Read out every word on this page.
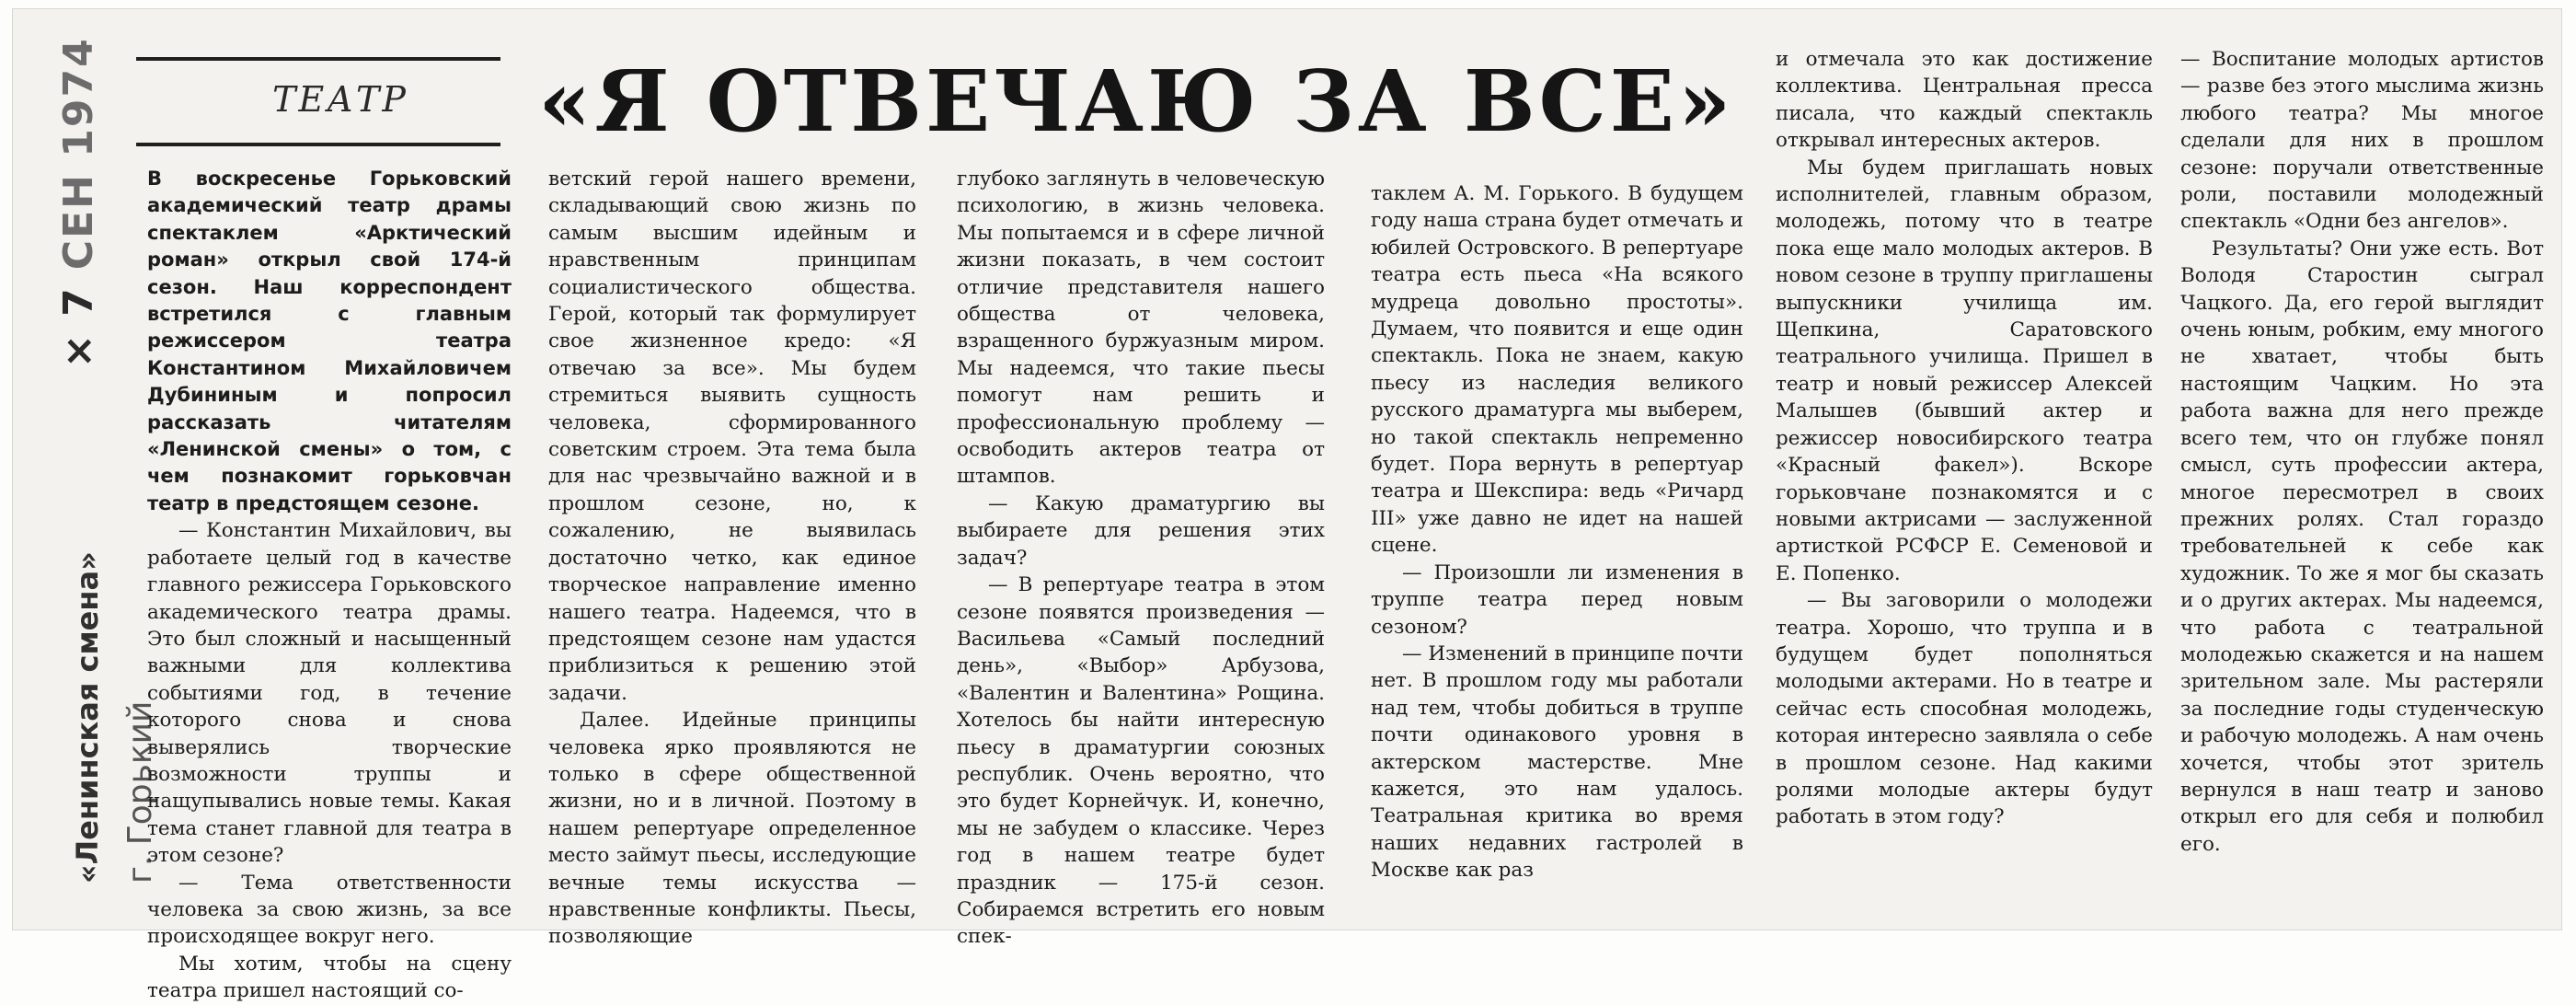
× 7СЕН 1974
«Ленинская смена» г. Горький
ТЕАТР	«Я ОТВЕЧАЮ ЗА ВСЕ»

В воскресенье Горьковский академический театр драмы спектаклем «Арктический роман» открыл свой 174-й сезон. Наш корреспондент встретился с главным режиссером театра Константином Михайловичем Дубининым и попросил рассказать читателям «Ленинской смены» о том, с чем познакомит горьковчан театр в предстоящем сезоне.

— Константин Михайлович, вы работаете целый год в качестве главного режиссера Горьковского академического театра драмы. Это был сложный и насыщенный важными для коллектива событиями год, в течение которого снова и снова выверялись творческие возможности труппы и нащупывались новые темы. Какая тема станет главной для театра в этом сезоне?

— Тема ответственности человека за свою жизнь, за все происходящее вокруг него.

Мы хотим, чтобы на сцену театра пришел настоящий со-

ветский герой нашего времени, складывающий свою жизнь по самым высшим идейным и нравственным принципам социалистического общества. Герой, который так формулирует свое жизненное кредо: «Я отвечаю за все». Мы будем стремиться выявить сущность человека, сформированного советским строем. Эта тема была для нас чрезвычайно важной и в прошлом сезоне, но, к сожалению, не выявилась достаточно четко, как единое творческое направление именно нашего театра. Надеемся, что в предстоящем сезоне нам удастся приблизиться к решению этой задачи.

Далее. Идейные принципы человека ярко проявляются не только в сфере общественной жизни, но и в личной. Поэтому в нашем репертуаре определенное место займут пьесы, исследующие вечные темы искусства — нравственные конфликты. Пьесы, позволяющие

глубоко заглянуть в человеческую психологию, в жизнь человека. Мы попытаемся и в сфере личной жизни показать, в чем состоит отличие представителя нашего общества от человека, взращенного буржуазным миром. Мы надеемся, что такие пьесы помогут нам решить и профессиональную проблему — освободить актеров театра от штампов.

— Какую драматургию вы выбираете для решения этих задач?

— В репертуаре театра в этом сезоне появятся произведения — Васильева «Самый последний день», «Выбор» Арбузова, «Валентин и Валентина» Рощина. Хотелось бы найти интересную пьесу в драматургии союзных республик. Очень вероятно, что это будет Корнейчук. И, конечно, мы не забудем о классике. Через год в нашем театре будет праздник — 175-й сезон. Собираемся встретить его новым спек-

таклем А. М. Горького. В будущем году наша страна будет отмечать и юбилей Островского. В репертуаре театра есть пьеса «На всякого мудреца довольно простоты». Думаем, что появится и еще один спектакль. Пока не знаем, какую пьесу из наследия великого русского драматурга мы выберем, но такой спектакль непременно будет. Пора вернуть в репертуар театра и Шекспира: ведь «Ричард III» уже давно не идет на нашей сцене.

— Произошли ли изменения в труппе театра перед новым сезоном?

— Изменений в принципе почти нет. В прошлом году мы работали над тем, чтобы добиться в труппе почти одинакового уровня в актерском мастерстве. Мне кажется, это нам удалось. Театральная критика во время наших недавних гастролей в Москве как раз

и отмечала это как достижение коллектива. Центральная пресса писала, что каждый спектакль открывал интересных актеров.

Мы будем приглашать новых исполнителей, главным образом, молодежь, потому что в театре пока еще мало молодых актеров. В новом сезоне в труппу приглашены выпускники училища им. Щепкина, Саратовского театрального училища. Пришел в театр и новый режиссер Алексей Малышев (бывший актер и режиссер новосибирского театра «Красный факел»). Вскоре горьковчане познакомятся и с новыми актрисами — заслуженной артисткой РСФСР Е. Семеновой и Е. Попенко.

— Вы заговорили о молодежи театра. Хорошо, что труппа и в будущем будет пополняться молодыми актерами. Но в театре и сейчас есть способная молодежь, которая интересно заявляла о себе в прошлом сезоне. Над какими ролями молодые актеры будут работать в этом году?

— Воспитание молодых артистов — разве без этого мыслима жизнь любого театра? Мы многое сделали для них в прошлом сезоне: поручали ответственные роли, поставили молодежный спектакль «Одни без ангелов».

Результаты? Они уже есть. Вот Володя Старостин сыграл Чацкого. Да, его герой выглядит очень юным, робким, ему многого не хватает, чтобы быть настоящим Чацким. Но эта работа важна для него прежде всего тем, что он глубже понял смысл, суть профессии актера, многое пересмотрел в своих прежних ролях. Стал гораздо требовательней к себе как художник. То же я мог бы сказать и о других актерах. Мы надеемся, что работа с театральной молодежью скажется и на нашем зрительном зале. Мы растеряли за последние годы студенческую и рабочую молодежь. А нам очень хочется, чтобы этот зритель вернулся в наш театр и заново открыл его для себя и полюбил его.
